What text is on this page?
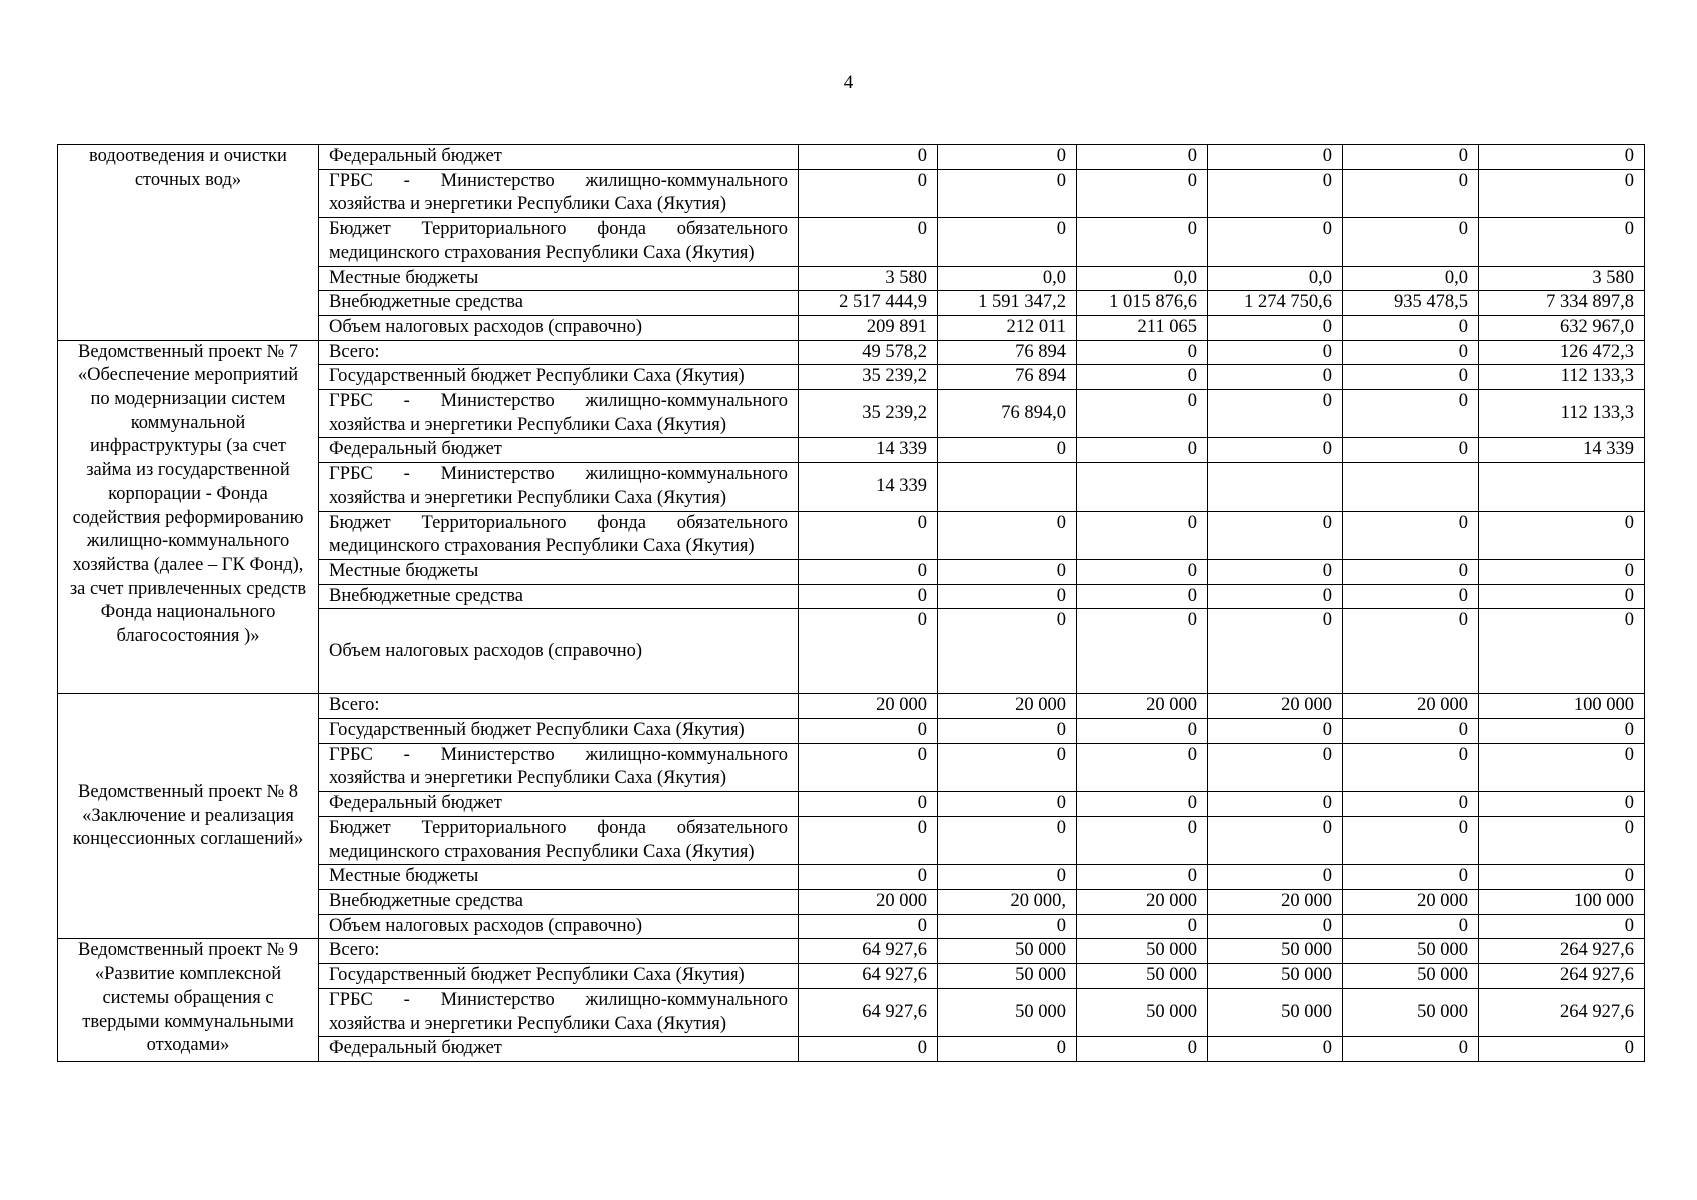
4
водоотведения и очистки сточных вод»	Федеральный бюджет	0	0	0	0	0	0
	ГРБС - Министерство жилищно-коммунального хозяйства и энергетики Республики Саха (Якутия)	0	0	0	0	0	0
	Бюджет Территориального фонда обязательного медицинского страхования Республики Саха (Якутия)	0	0	0	0	0	0
	Местные бюджеты	3 580	0,0	0,0	0,0	0,0	3 580
	Внебюджетные средства	2 517 444,9	1 591 347,2	1 015 876,6	1 274 750,6	935 478,5	7 334 897,8
	Объем налоговых расходов (справочно)	209 891	212 011	211 065	0	0	632 967,0
Ведомственный проект № 7 «Обеспечение мероприятий по модернизации систем коммунальной инфраструктуры (за счет займа из государственной корпорации - Фонда содействия реформированию жилищно-коммунального хозяйства (далее – ГК Фонд), за счет привлеченных средств Фонда национального благосостояния )»	Всего:	49 578,2	76 894	0	0	0	126 472,3
	Государственный бюджет Республики Саха (Якутия)	35 239,2	76 894	0	0	0	112 133,3
	ГРБС - Министерство жилищно-коммунального хозяйства и энергетики Республики Саха (Якутия)	35 239,2	76 894,0	0	0	0	112 133,3
	Федеральный бюджет	14 339	0	0	0	0	14 339
	ГРБС - Министерство жилищно-коммунального хозяйства и энергетики Республики Саха (Якутия)	14 339					
	Бюджет Территориального фонда обязательного медицинского страхования Республики Саха (Якутия)	0	0	0	0	0	0
	Местные бюджеты	0	0	0	0	0	0
	Внебюджетные средства	0	0	0	0	0	0
	Объем налоговых расходов (справочно)	0	0	0	0	0	0
Ведомственный проект № 8 «Заключение и реализация концессионных соглашений»	Всего:	20 000	20 000	20 000	20 000	20 000	100 000
	Государственный бюджет Республики Саха (Якутия)	0	0	0	0	0	0
	ГРБС - Министерство жилищно-коммунального хозяйства и энергетики Республики Саха (Якутия)	0	0	0	0	0	0
	Федеральный бюджет	0	0	0	0	0	0
	Бюджет Территориального фонда обязательного медицинского страхования Республики Саха (Якутия)	0	0	0	0	0	0
	Местные бюджеты	0	0	0	0	0	0
	Внебюджетные средства	20 000	20 000,	20 000	20 000	20 000	100 000
	Объем налоговых расходов (справочно)	0	0	0	0	0	0
Ведомственный проект № 9 «Развитие комплексной системы обращения с твердыми коммунальными отходами»	Всего:	64 927,6	50 000	50 000	50 000	50 000	264 927,6
	Государственный бюджет Республики Саха (Якутия)	64 927,6	50 000	50 000	50 000	50 000	264 927,6
	ГРБС - Министерство жилищно-коммунального хозяйства и энергетики Республики Саха (Якутия)	64 927,6	50 000	50 000	50 000	50 000	264 927,6
	Федеральный бюджет	0	0	0	0	0	0
